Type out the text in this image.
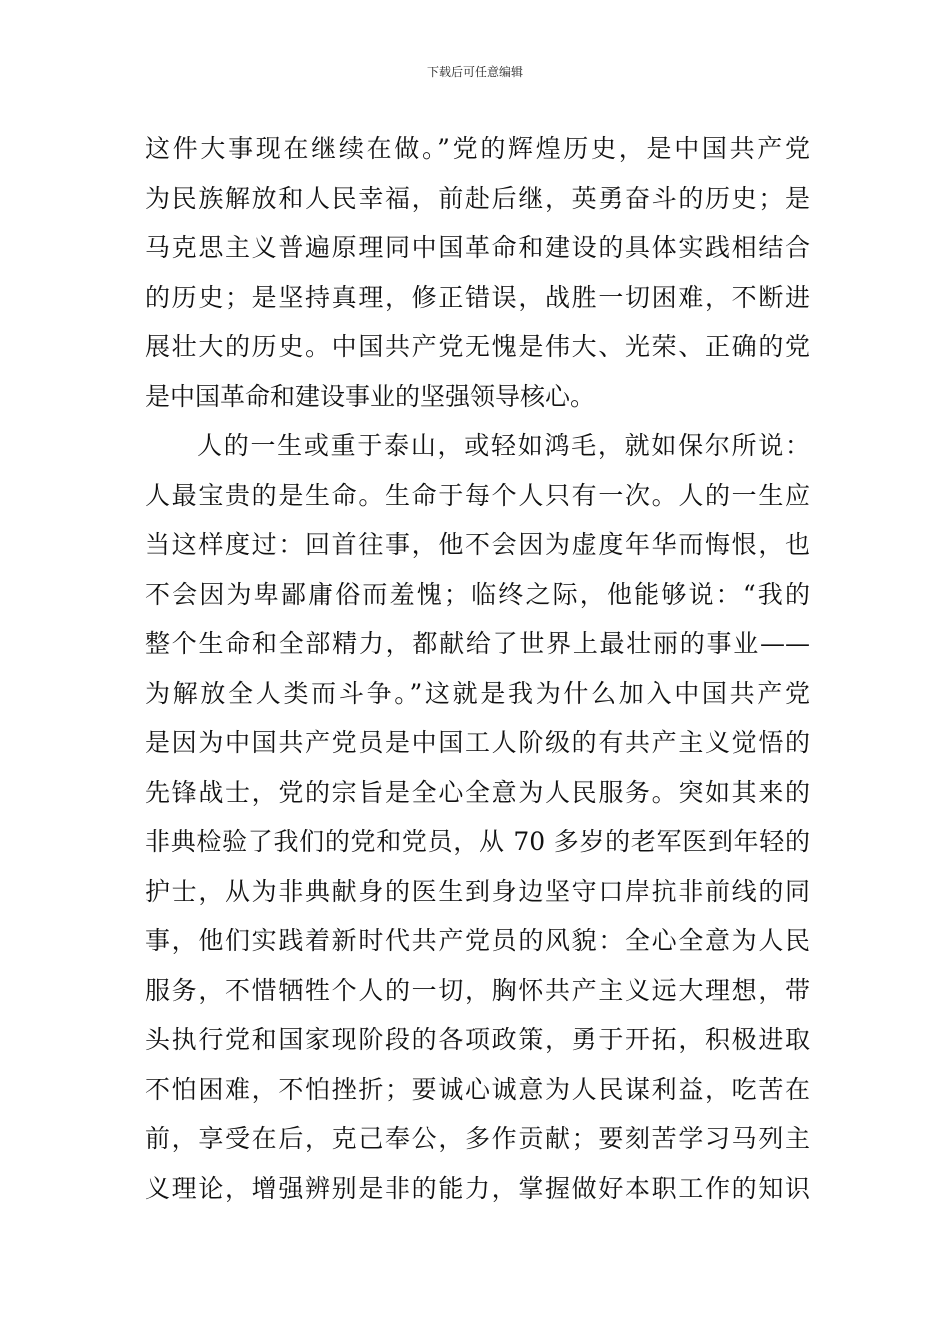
下载后可任意编辑
这件大事现在继续在做。”党的辉煌历史，是中国共产党
为民族解放和人民幸福，前赴后继，英勇奋斗的历史；是
马克思主义普遍原理同中国革命和建设的具体实践相结合
的历史；是坚持真理，修正错误，战胜一切困难，不断进
展壮大的历史。中国共产党无愧是伟大、光荣、正确的党
是中国革命和建设事业的坚强领导核心。
人的一生或重于泰山，或轻如鸿毛，就如保尔所说：
人最宝贵的是生命。生命于每个人只有一次。人的一生应
当这样度过：回首往事，他不会因为虚度年华而悔恨，也
不会因为卑鄙庸俗而羞愧；临终之际，他能够说：“我的
整个生命和全部精力，都献给了世界上最壮丽的事业——
为解放全人类而斗争。”这就是我为什么加入中国共产党
是因为中国共产党员是中国工人阶级的有共产主义觉悟的
先锋战士，党的宗旨是全心全意为人民服务。突如其来的
非典检验了我们的党和党员，从 70 多岁的老军医到年轻的
护士，从为非典献身的医生到身边坚守口岸抗非前线的同
事，他们实践着新时代共产党员的风貌：全心全意为人民
服务，不惜牺牲个人的一切，胸怀共产主义远大理想，带
头执行党和国家现阶段的各项政策，勇于开拓，积极进取
不怕困难，不怕挫折；要诚心诚意为人民谋利益，吃苦在
前，享受在后，克己奉公，多作贡献；要刻苦学习马列主
义理论，增强辨别是非的能力，掌握做好本职工作的知识
